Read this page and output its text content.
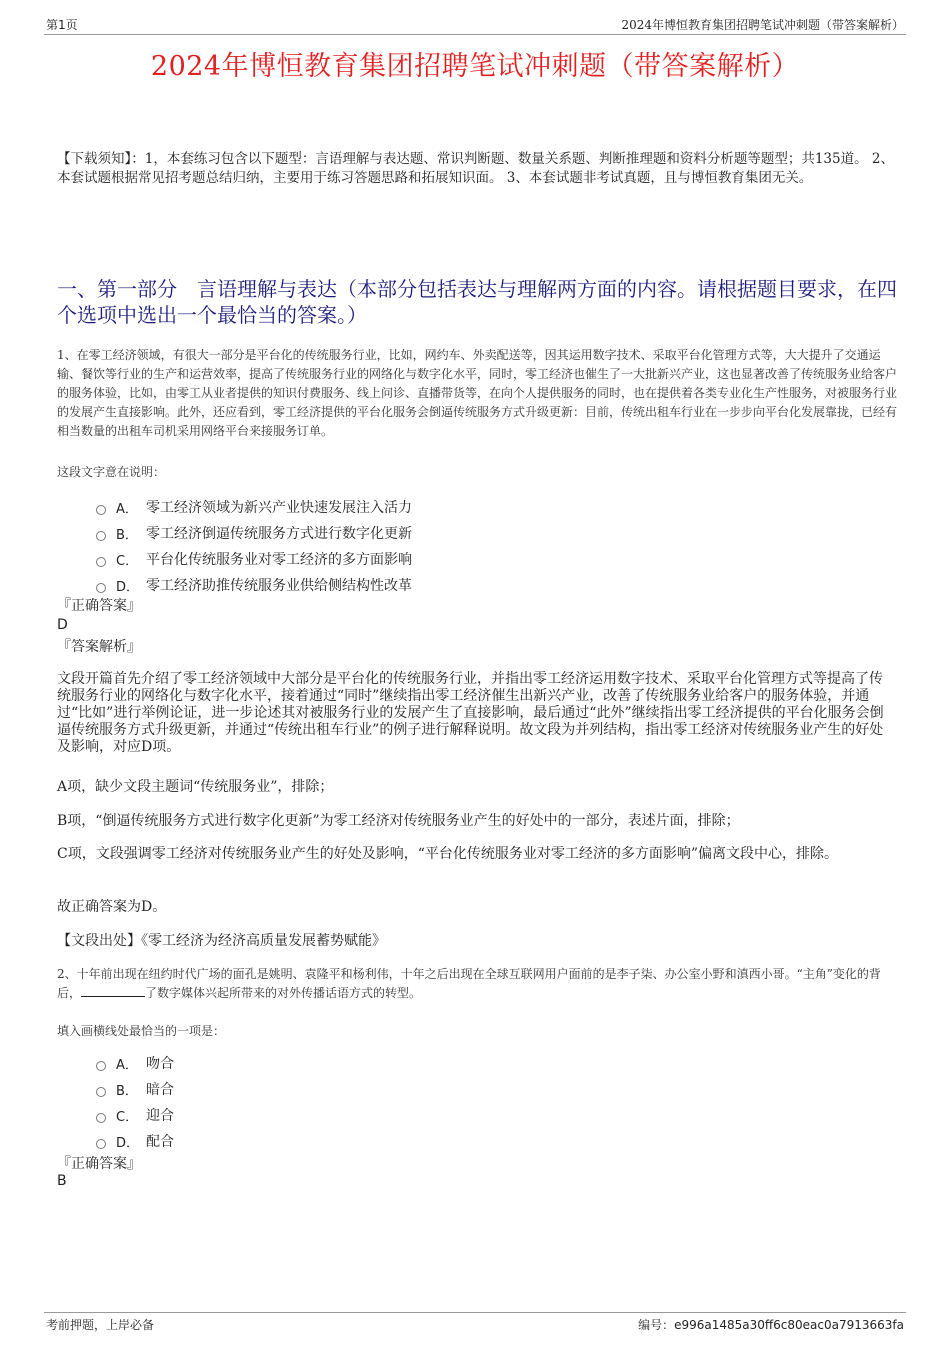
第1页	2024年博恒教育集团招聘笔试冲刺题（带答案解析）
2024年博恒教育集团招聘笔试冲刺题（带答案解析）
【下载须知】：1，本套练习包含以下题型：言语理解与表达题、常识判断题、数量关系题、判断推理题和资料分析题等题型；共135道。 2、本套试题根据常见招考题总结归纳，主要用于练习答题思路和拓展知识面。 3、本套试题非考试真题，且与博恒教育集团无关。
一、第一部分　言语理解与表达（本部分包括表达与理解两方面的内容。请根据题目要求，在四个选项中选出一个最恰当的答案。）
1、在零工经济领域，有很大一部分是平台化的传统服务行业，比如，网约车、外卖配送等，因其运用数字技术、采取平台化管理方式等，大大提升了交通运输、餐饮等行业的生产和运营效率，提高了传统服务行业的网络化与数字化水平，同时，零工经济也催生了一大批新兴产业，这也显著改善了传统服务业给客户的服务体验，比如，由零工从业者提供的知识付费服务、线上问诊、直播带货等，在向个人提供服务的同时，也在提供着各类专业化生产性服务，对被服务行业的发展产生直接影响。此外，还应看到，零工经济提供的平台化服务会倒逼传统服务方式升级更新：目前，传统出租车行业在一步步向平台化发展靠拢，已经有相当数量的出租车司机采用网络平台来接服务订单。
这段文字意在说明：
A． 零工经济领域为新兴产业快速发展注入活力
B． 零工经济倒逼传统服务方式进行数字化更新
C． 平台化传统服务业对零工经济的多方面影响
D． 零工经济助推传统服务业供给侧结构性改革
『正确答案』
D
『答案解析』
文段开篇首先介绍了零工经济领域中大部分是平台化的传统服务行业，并指出零工经济运用数字技术、采取平台化管理方式等提高了传统服务行业的网络化与数字化水平，接着通过“同时”继续指出零工经济催生出新兴产业，改善了传统服务业给客户的服务体验，并通过“比如”进行举例论证，进一步论述其对被服务行业的发展产生了直接影响，最后通过“此外”继续指出零工经济提供的平台化服务会倒逼传统服务方式升级更新，并通过“传统出租车行业”的例子进行解释说明。故文段为并列结构，指出零工经济对传统服务业产生的好处及影响，对应D项。
A项，缺少文段主题词“传统服务业”，排除；
B项，“倒逼传统服务方式进行数字化更新”为零工经济对传统服务业产生的好处中的一部分，表述片面，排除；
C项，文段强调零工经济对传统服务业产生的好处及影响，“平台化传统服务业对零工经济的多方面影响”偏离文段中心，排除。
故正确答案为D。
【文段出处】《零工经济为经济高质量发展蓄势赋能》
2、十年前出现在纽约时代广场的面孔是姚明、袁隆平和杨利伟，十年之后出现在全球互联网用户面前的是李子柒、办公室小野和滇西小哥。“主角”变化的背后，	了数字媒体兴起所带来的对外传播话语方式的转型。
填入画横线处最恰当的一项是：
A． 吻合
B． 暗合
C． 迎合
D． 配合
『正确答案』
B
考前押题，上岸必备	编号：e996a1485a30ff6c80eac0a7913663fa
